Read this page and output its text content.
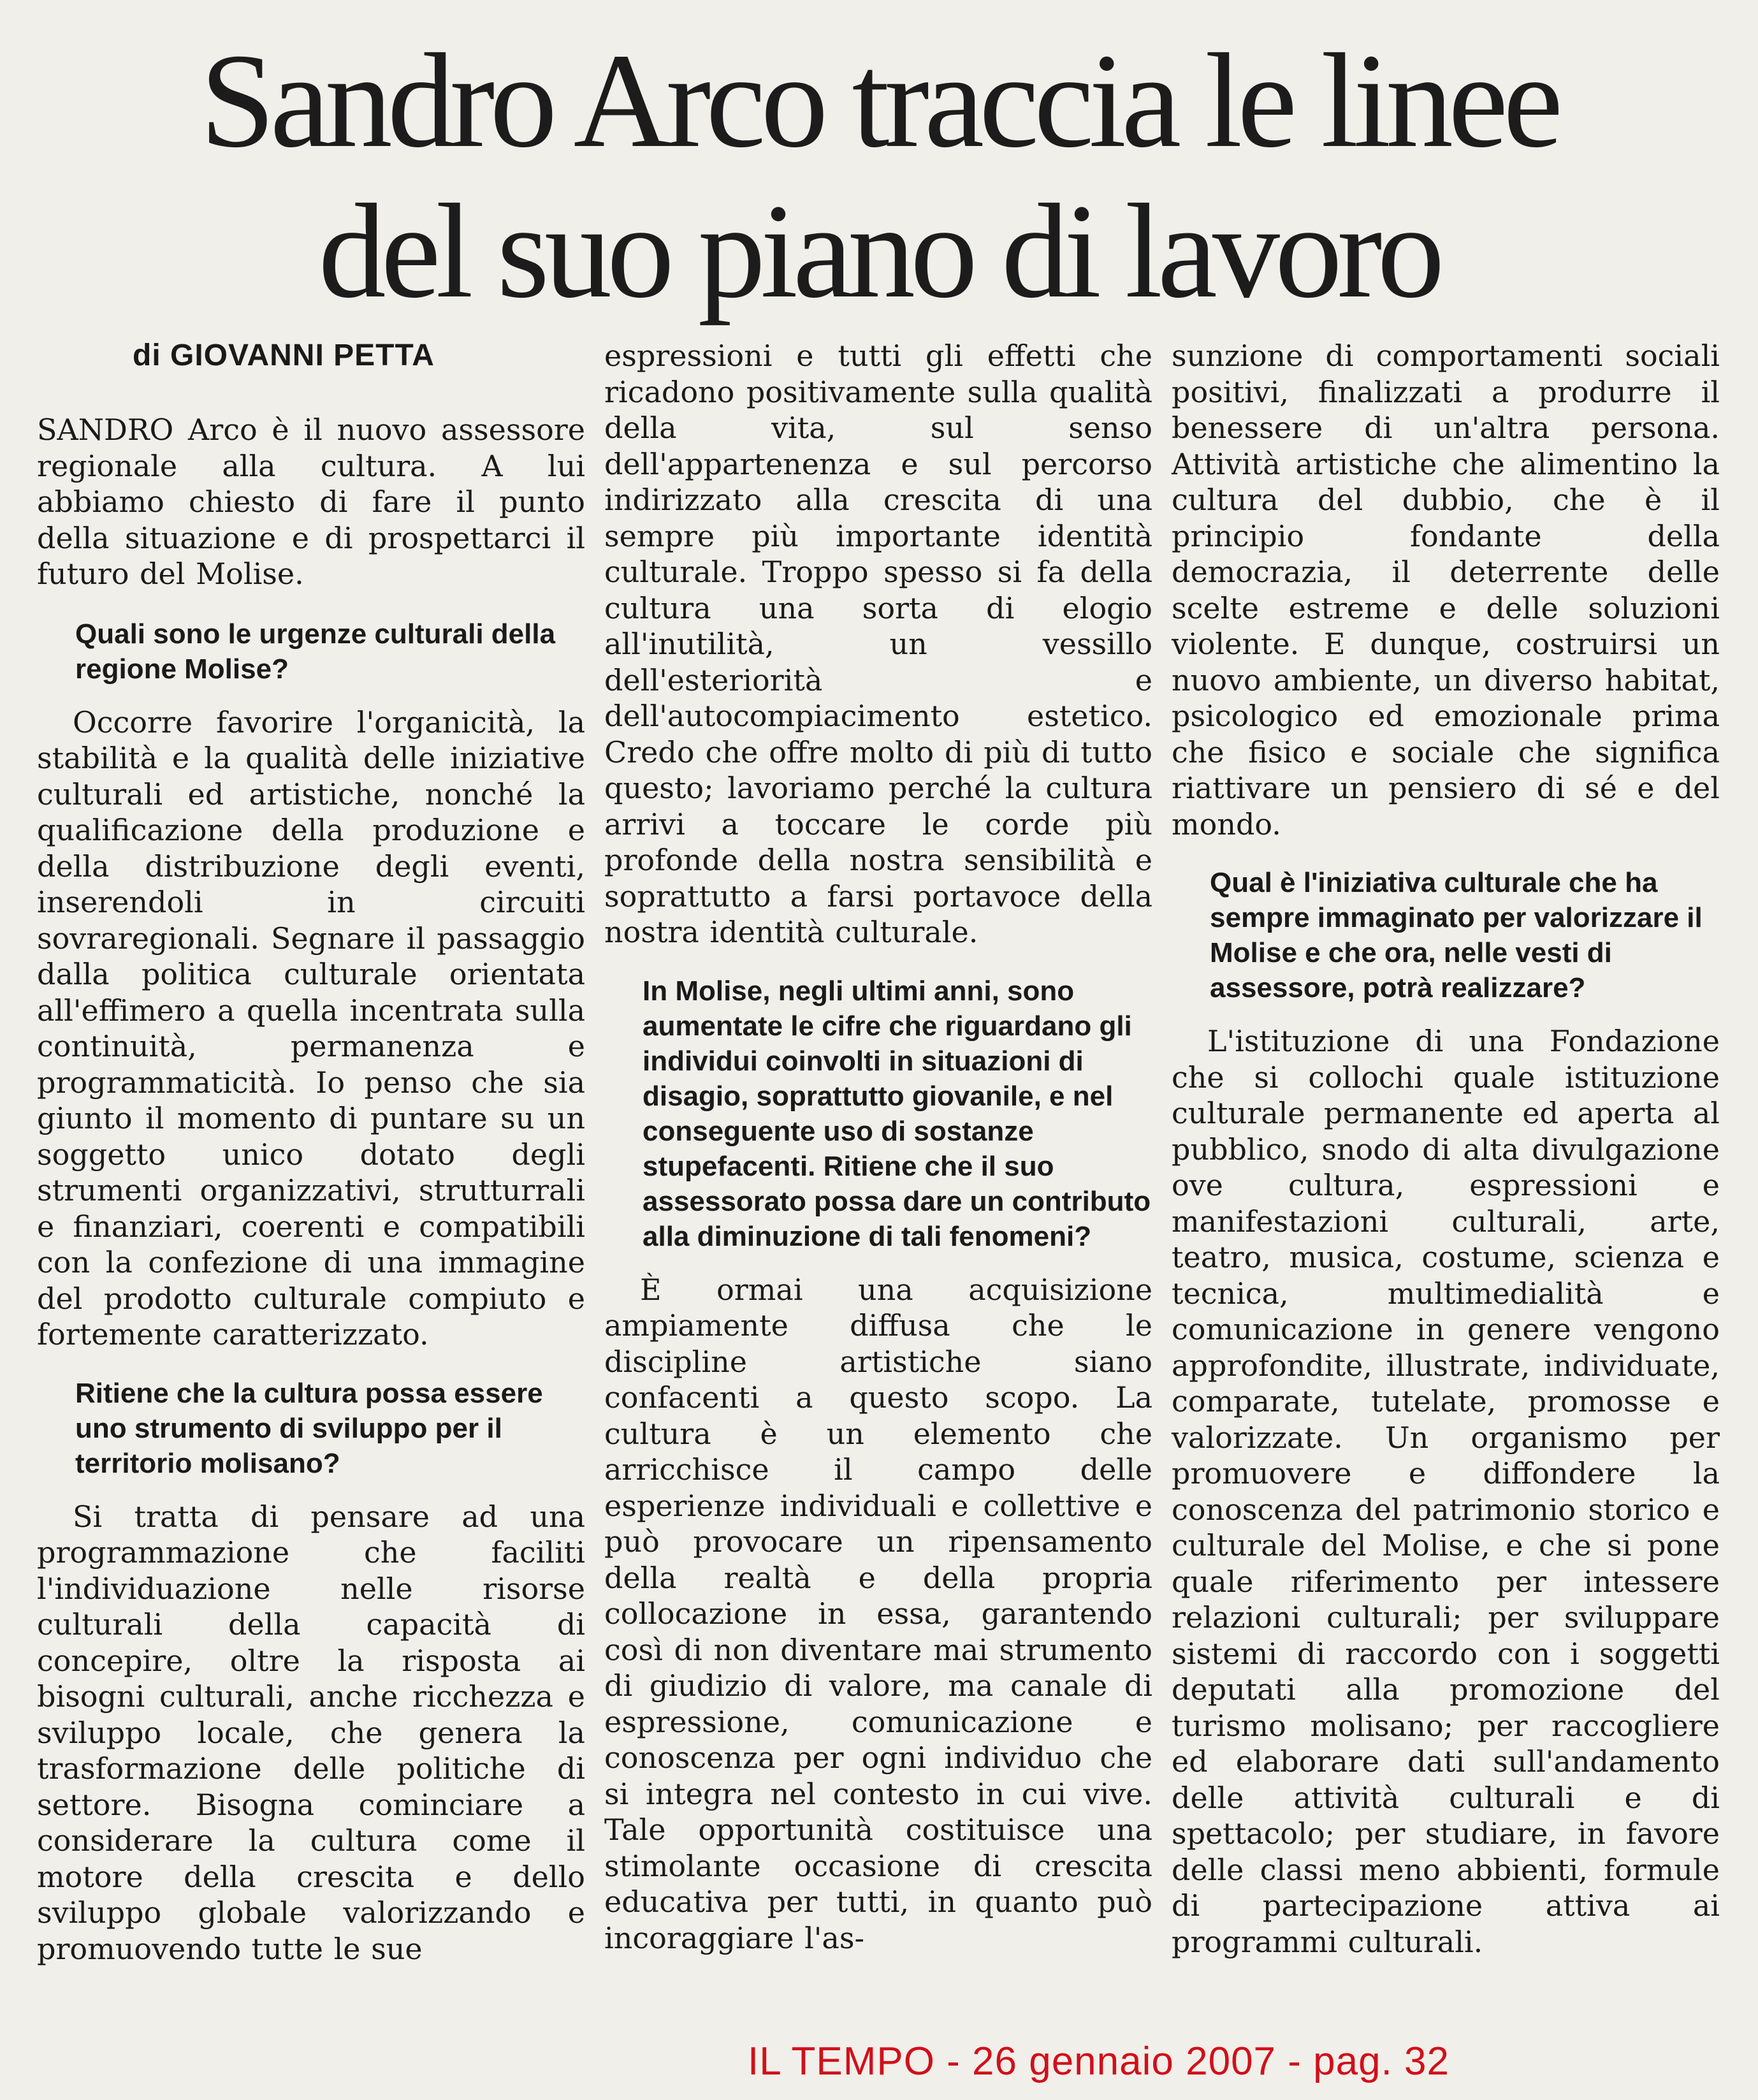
Sandro Arco traccia le linee
del suo piano di lavoro
di GIOVANNI PETTA

SANDRO Arco è il nuovo assessore regionale alla cultura. A lui abbiamo chiesto di fare il punto della situazione e di prospettarci il futuro del Molise.

Quali sono le urgenze culturali della regione Molise?

Occorre favorire l'organicità, la stabilità e la qualità delle iniziative culturali ed artistiche, nonché la qualificazione della produzione e della distribuzione degli eventi, inserendoli in circuiti sovraregionali. Segnare il passaggio dalla politica culturale orientata all'effimero a quella incentrata sulla continuità, permanenza e programmaticità. Io penso che sia giunto il momento di puntare su un soggetto unico dotato degli strumenti organizzativi, strutturrali e finanziari, coerenti e compatibili con la confezione di una immagine del prodotto culturale compiuto e fortemente caratterizzato.

Ritiene che la cultura possa essere uno strumento di sviluppo per il territorio molisano?

Si tratta di pensare ad una programmazione che faciliti l'individuazione nelle risorse culturali della capacità di concepire, oltre la risposta ai bisogni culturali, anche ricchezza e sviluppo locale, che genera la trasformazione delle politiche di settore. Bisogna cominciare a considerare la cultura come il motore della crescita e dello sviluppo globale valorizzando e promuovendo tutte le sue

espressioni e tutti gli effetti che ricadono positivamente sulla qualità della vita, sul senso dell'appartenenza e sul percorso indirizzato alla crescita di una sempre più importante identità culturale. Troppo spesso si fa della cultura una sorta di elogio all'inutilità, un vessillo dell'esteriorità e dell'autocompiacimento estetico. Credo che offre molto di più di tutto questo; lavoriamo perché la cultura arrivi a toccare le corde più profonde della nostra sensibilità e soprattutto a farsi portavoce della nostra identità culturale.

In Molise, negli ultimi anni, sono aumentate le cifre che riguardano gli individui coinvolti in situazioni di disagio, soprattutto giovanile, e nel conseguente uso di sostanze stupefacenti. Ritiene che il suo assessorato possa dare un contributo alla diminuzione di tali fenomeni?

È ormai una acquisizione ampiamente diffusa che le discipline artistiche siano confacenti a questo scopo. La cultura è un elemento che arricchisce il campo delle esperienze individuali e collettive e può provocare un ripensamento della realtà e della propria collocazione in essa, garantendo così di non diventare mai strumento di giudizio di valore, ma canale di espressione, comunicazione e conoscenza per ogni individuo che si integra nel contesto in cui vive. Tale opportunità costituisce una stimolante occasione di crescita educativa per tutti, in quanto può incoraggiare l'as-

sunzione di comportamenti sociali positivi, finalizzati a produrre il benessere di un'altra persona. Attività artistiche che alimentino la cultura del dubbio, che è il principio fondante della democrazia, il deterrente delle scelte estreme e delle soluzioni violente. E dunque, costruirsi un nuovo ambiente, un diverso habitat, psicologico ed emozionale prima che fisico e sociale che significa riattivare un pensiero di sé e del mondo.

Qual è l'iniziativa culturale che ha sempre immaginato per valorizzare il Molise e che ora, nelle vesti di assessore, potrà realizzare?

L'istituzione di una Fondazione che si collochi quale istituzione culturale permanente ed aperta al pubblico, snodo di alta divulgazione ove cultura, espressioni e manifestazioni culturali, arte, teatro, musica, costume, scienza e tecnica, multimedialità e comunicazione in genere vengono approfondite, illustrate, individuate, comparate, tutelate, promosse e valorizzate. Un organismo per promuovere e diffondere la conoscenza del patrimonio storico e culturale del Molise, e che si pone quale riferimento per intessere relazioni culturali; per sviluppare sistemi di raccordo con i soggetti deputati alla promozione del turismo molisano; per raccogliere ed elaborare dati sull'andamento delle attività culturali e di spettacolo; per studiare, in favore delle classi meno abbienti, formule di partecipazione attiva ai programmi culturali.

IL TEMPO - 26 gennaio 2007 - pag. 32
